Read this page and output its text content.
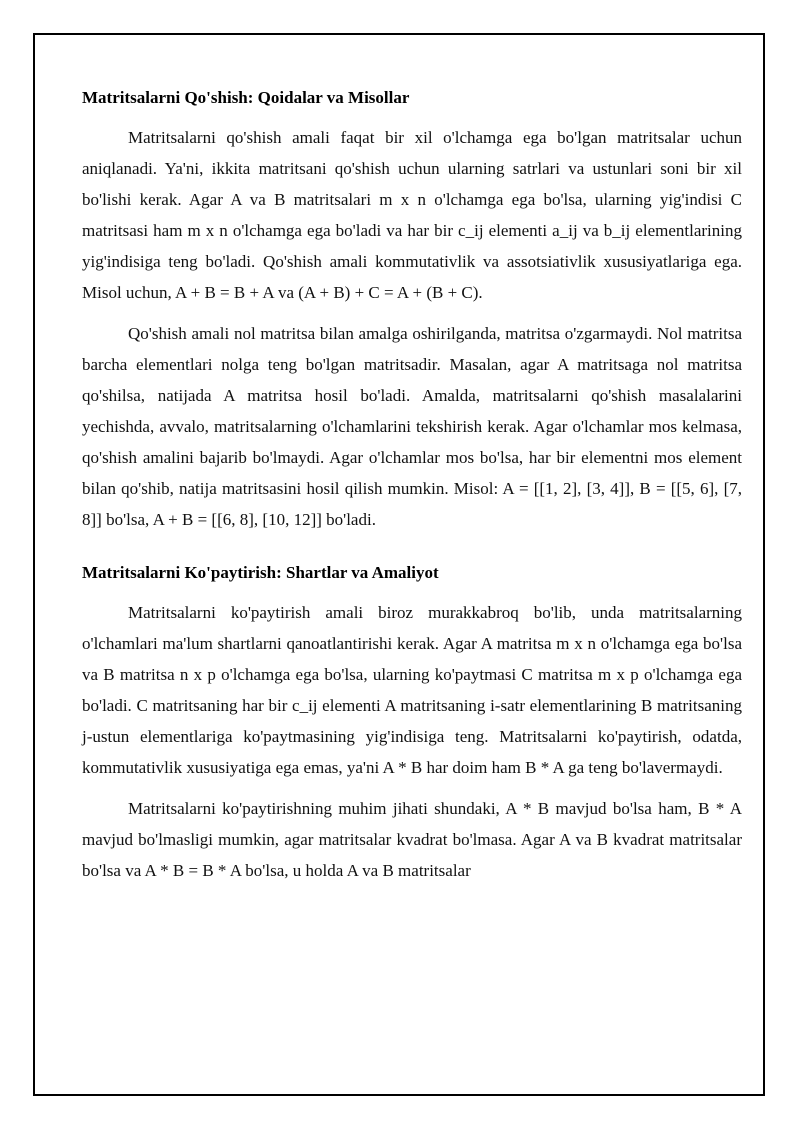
Matritsalarni Qo'shish: Qoidalar va Misollar

Matritsalarni qo'shish amali faqat bir xil o'lchamga ega bo'lgan matritsalar uchun aniqlanadi. Ya'ni, ikkita matritsani qo'shish uchun ularning satrlari va ustunlari soni bir xil bo'lishi kerak. Agar A va B matritsalari m x n o'lchamga ega bo'lsa, ularning yig'indisi C matritsasi ham m x n o'lchamga ega bo'ladi va har bir c_ij elementi a_ij va b_ij elementlarining yig'indisiga teng bo'ladi. Qo'shish amali kommutativlik va assotsiativlik xususiyatlariga ega. Misol uchun, A + B = B + A va (A + B) + C = A + (B + C).

Qo'shish amali nol matritsa bilan amalga oshirilganda, matritsa o'zgarmaydi. Nol matritsa barcha elementlari nolga teng bo'lgan matritsadir. Masalan, agar A matritsaga nol matritsa qo'shilsa, natijada A matritsa hosil bo'ladi. Amalda, matritsalarni qo'shish masalalarini yechishda, avvalo, matritsalarning o'lchamlarini tekshirish kerak. Agar o'lchamlar mos kelmasa, qo'shish amalini bajarib bo'lmaydi. Agar o'lchamlar mos bo'lsa, har bir elementni mos element bilan qo'shib, natija matritsasini hosil qilish mumkin. Misol: A = [[1, 2], [3, 4]], B = [[5, 6], [7, 8]] bo'lsa, A + B = [[6, 8], [10, 12]] bo'ladi.

Matritsalarni Ko'paytirish: Shartlar va Amaliyot

Matritsalarni ko'paytirish amali biroz murakkabroq bo'lib, unda matritsalarning o'lchamlari ma'lum shartlarni qanoatlantirishi kerak. Agar A matritsa m x n o'lchamga ega bo'lsa va B matritsa n x p o'lchamga ega bo'lsa, ularning ko'paytmasi C matritsa m x p o'lchamga ega bo'ladi. C matritsaning har bir c_ij elementi A matritsaning i-satr elementlarining B matritsaning j-ustun elementlariga ko'paytmasining yig'indisiga teng. Matritsalarni ko'paytirish, odatda, kommutativlik xususiyatiga ega emas, ya'ni A * B har doim ham B * A ga teng bo'lavermaydi.

Matritsalarni ko'paytirishning muhim jihati shundaki, A * B mavjud bo'lsa ham, B * A mavjud bo'lmasligi mumkin, agar matritsalar kvadrat bo'lmasa. Agar A va B kvadrat matritsalar bo'lsa va A * B = B * A bo'lsa, u holda A va B matritsalar
